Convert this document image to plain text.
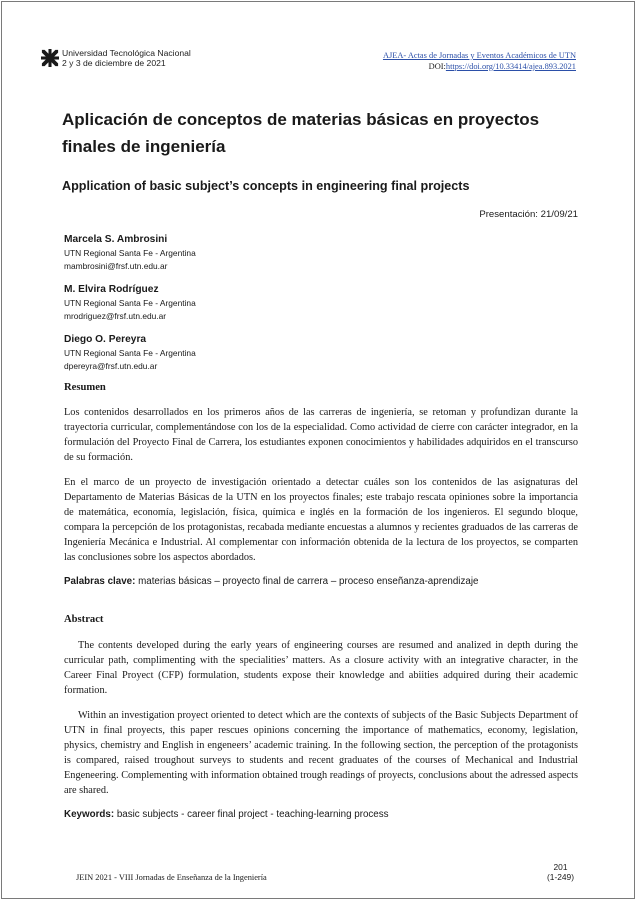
Universidad Tecnológica Nacional
2 y 3 de diciembre de 2021
AJEA- Actas de Jornadas y Eventos Académicos de UTN
DOI:https://doi.org/10.33414/ajea.893.2021
Aplicación de conceptos de materias básicas en proyectos finales de ingeniería
Application of basic subject’s concepts in engineering final projects
Presentación: 21/09/21
Marcela S. Ambrosini
UTN Regional Santa Fe - Argentina
mambrosini@frsf.utn.edu.ar
M. Elvira Rodríguez
UTN Regional Santa Fe - Argentina
mrodriguez@frsf.utn.edu.ar
Diego O. Pereyra
UTN Regional Santa Fe - Argentina
dpereyra@frsf.utn.edu.ar
Resumen

Los contenidos desarrollados en los primeros años de las carreras de ingeniería, se retoman y profundizan durante la trayectoria curricular, complementándose con los de la especialidad. Como actividad de cierre con carácter integrador, en la formulación del Proyecto Final de Carrera, los estudiantes exponen conocimientos y habilidades adquiridos en el transcurso de su formación.

En el marco de un proyecto de investigación orientado a detectar cuáles son los contenidos de las asignaturas del Departamento de Materias Básicas de la UTN en los proyectos finales; este trabajo rescata opiniones sobre la importancia de matemática, economía, legislación, física, química e inglés en la formación de los ingenieros. El segundo bloque, compara la percepción de los protagonistas, recabada mediante encuestas a alumnos y recientes graduados de las carreras de Ingeniería Mecánica e Industrial. Al complementar con información obtenida de la lectura de los proyectos, se comparten las conclusiones sobre los aspectos abordados.

Palabras clave: materias básicas – proyecto final de carrera – proceso enseñanza-aprendizaje
Abstract

The contents developed during the early years of engineering courses are resumed and analized in depth during the curricular path, complimenting with the specialities’ matters. As a closure activity with an integrative character, in the Career Final Proyect (CFP) formulation, students expose their knowledge and abiities adquired during their academic formation.

Within an investigation proyect oriented to detect which are the contexts of subjects of the Basic Subjects Department of UTN in final proyects, this paper rescues opinions concerning the importance of mathematics, economy, legislation, physics, chemistry and English in engeneers’ academic training. In the following section, the perception of the protagonists is compared, raised troughout surveys to students and recent graduates of the courses of Mechanical and Industrial Engeneering. Complementing with information obtained trough readings of proyects, conclusions about the adressed aspects are shared.

Keywords: basic subjects - career final project - teaching-learning process
JEIN 2021 - VIII Jornadas de Enseñanza de la Ingeniería
201
(1-249)
